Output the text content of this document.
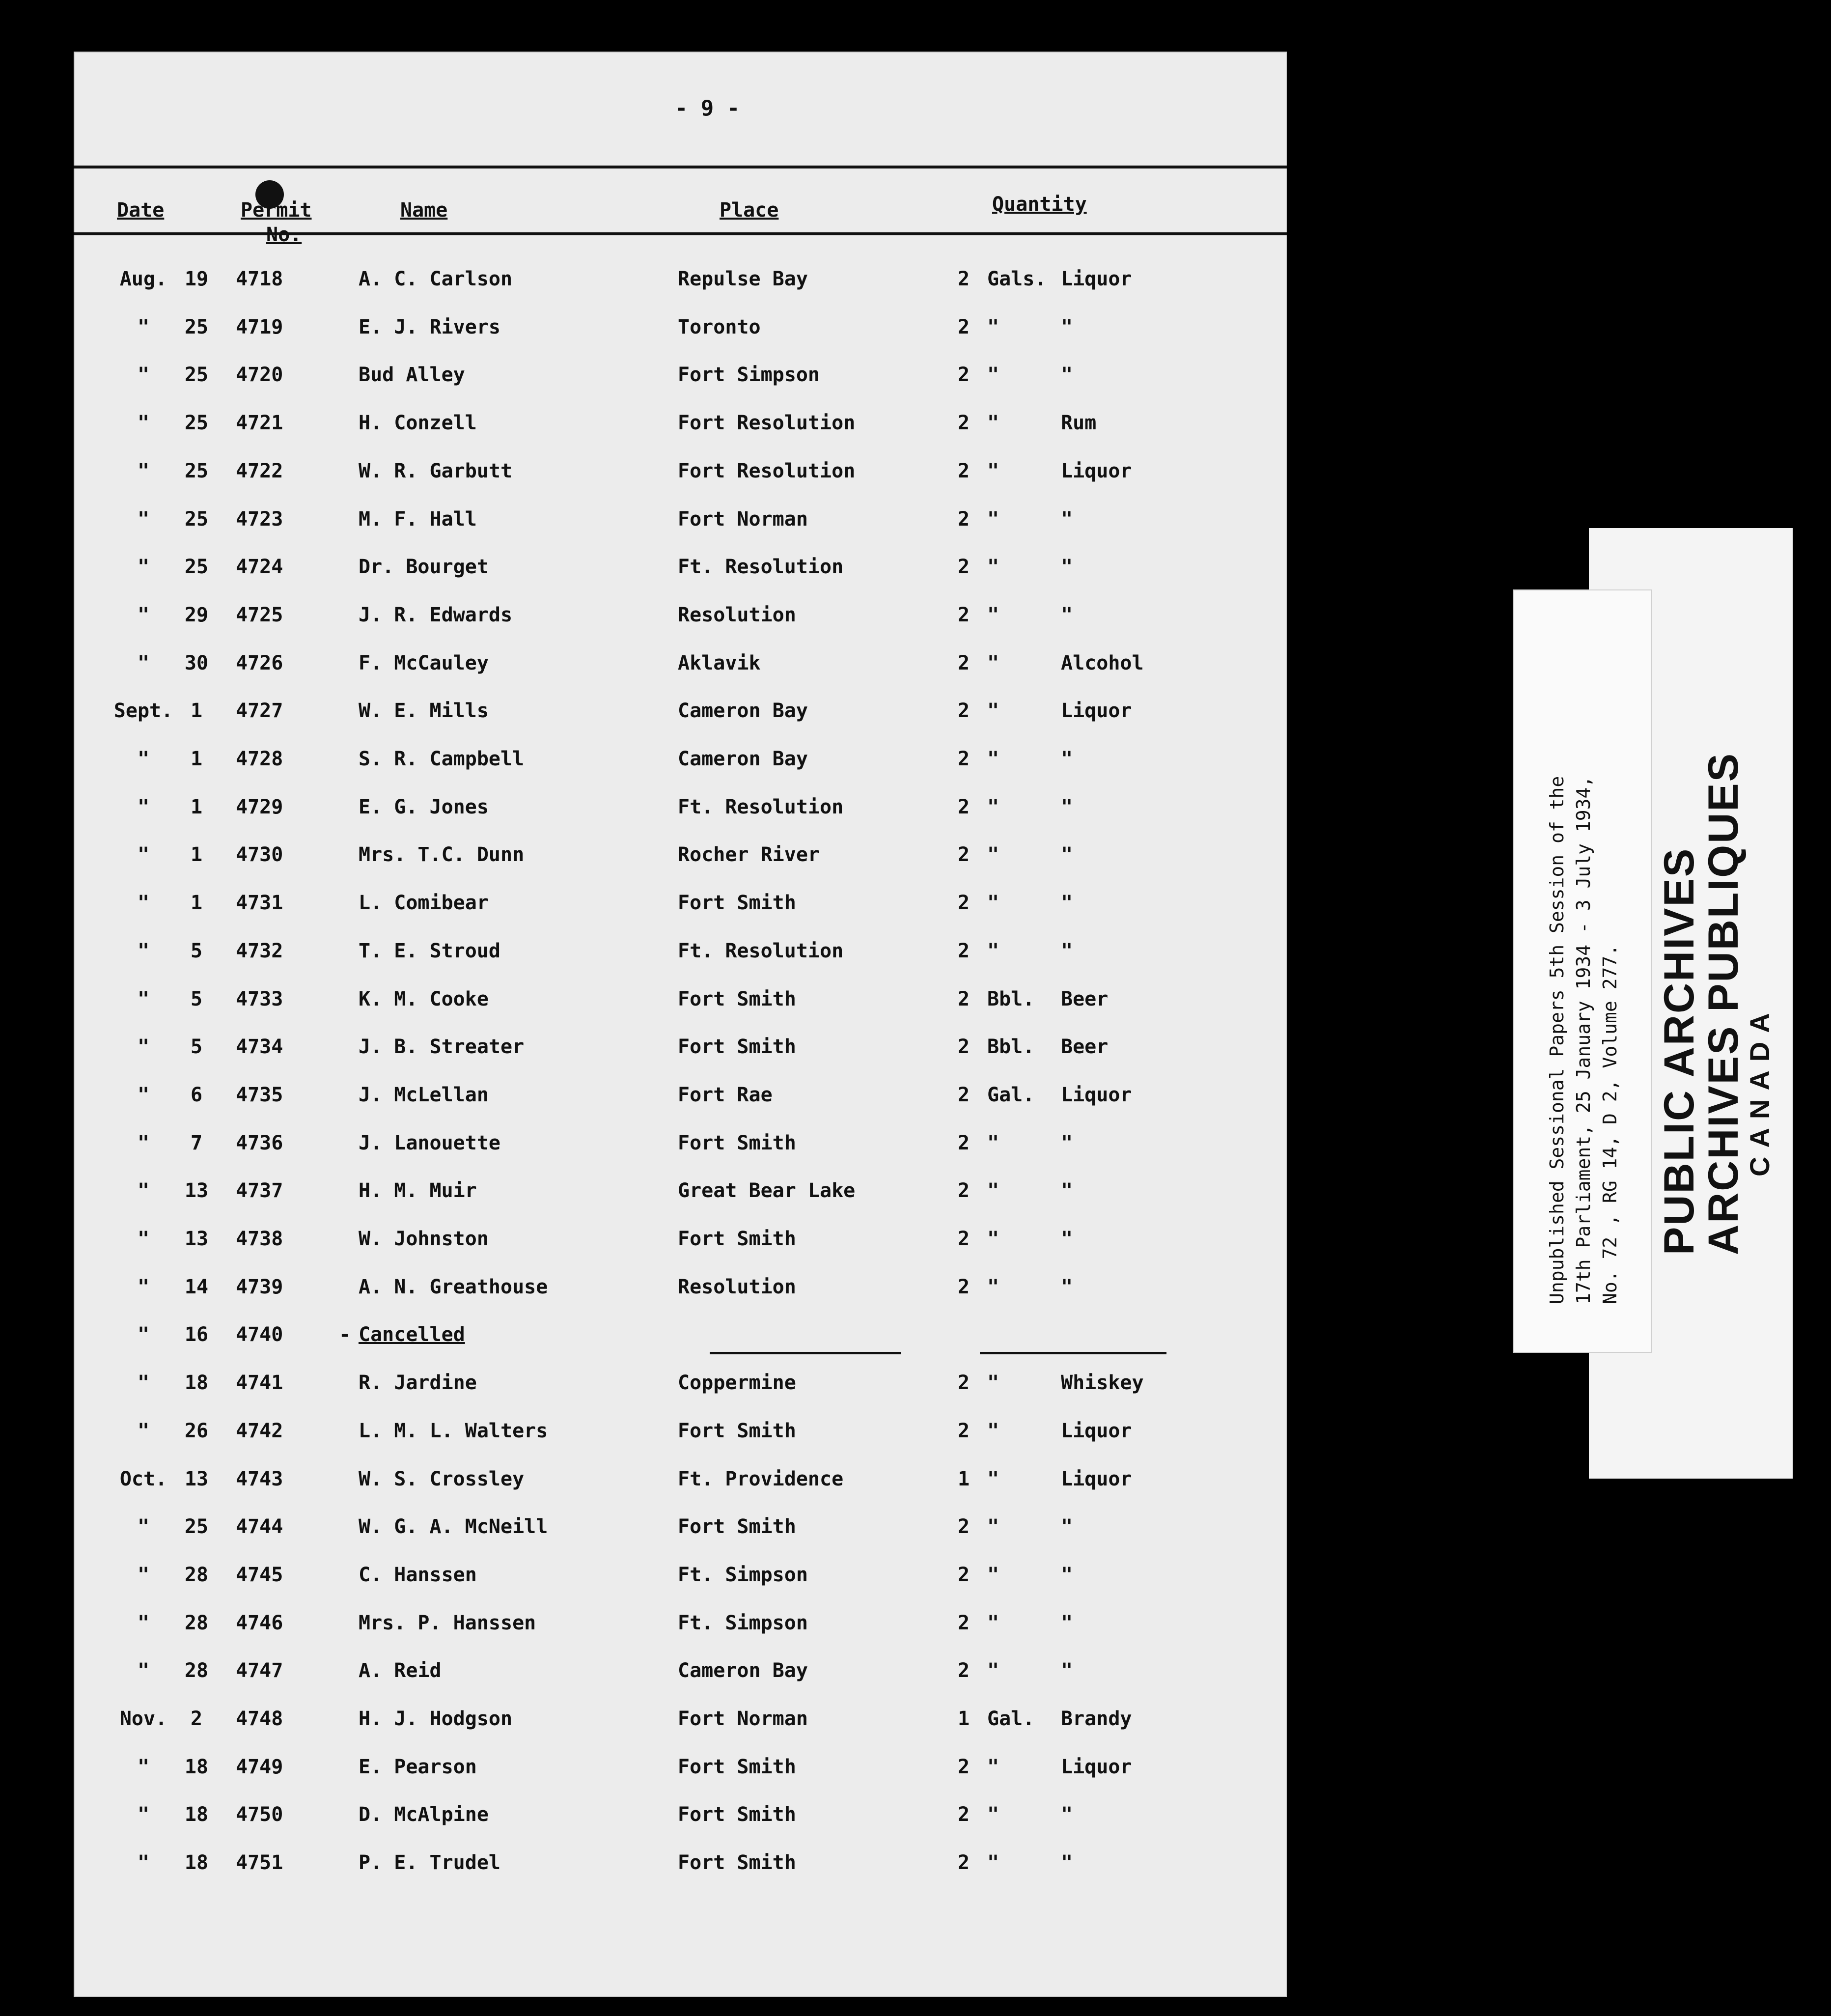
- 9 -
Date	Permit	Name	Place	Quantity
Aug. 19	4718	A. C. Carlson	Repulse Bay	2 Gals. Liquor
"	25	4719	E. J. Rivers	Toronto	2 "	"
"	25	4720	Bud Alley	Fort Simpson	2 "	"
"	25	4721	H. Conzell	Fort Resolution	2 "	Rum
"	25	4722	W. R. Garbutt	Fort Resolution	2 "	Liquor
"	25	4723	M. F. Hall	Fort Norman	2 "	"
"	25	4724	Dr. Bourget	Ft. Resolution	2 "	"
"	29	4725	J. R. Edwards	Resolution	2 "	"
"	30	4726	F. McCauley	Aklavik	2 "	Alcohol
Sept. 1	4727	W. E. Mills	Cameron Bay	2 "	Liquor
"	1	4728	S. R. Campbell	Cameron Bay	2 "	"
"	1	4729	E. G. Jones	Ft. Resolution	2 "	"
"	1	4730	Mrs. T.C. Dunn	Rocher River	2 "	"
"	1	4731	L. Comibear	Fort Smith	2 "	"
"	5	4732	T. E. Stroud	Ft. Resolution	2 "	"
"	5	4733	K. M. Cooke	Fort Smith	2 Bbl. Beer
"	5	4734	J. B. Streater	Fort Smith	2 Bbl. Beer
"	6	4735	J. McLellan	Fort Rae	2 Gal. Liquor
"	7	4736	J. Lanouette	Fort Smith	2 "	"
"	13	4737	H. M. Muir	Great Bear Lake	2 "	"
"	13	4738	W. Johnston	Fort Smith	2 "	"
"	14	4739	A. N. Greathouse	Resolution	2 "	"
"	16	4740	- Cancelled
"	18	4741	R. Jardine	Coppermine	2 "	Whiskey
"	26	4742	L. M. L. Walters	Fort Smith	2 "	Liquor
Oct. 13	4743	W. S. Crossley	Ft. Providence	1 "	Liquor
"	25	4744	W. G. A. McNeill	Fort Smith	2 "	"
"	28	4745	C. Hanssen	Ft. Simpson	2 "	"
"	28	4746	Mrs. P. Hanssen	Ft. Simpson	2 "	"
"	28	4747	A. Reid	Cameron Bay	2 "	"
Nov.	2	4748	H. J. Hodgson	Fort Norman	1 Gal. Brandy
"	18	4749	E. Pearson	Fort Smith	2 "	Liquor
"	18	4750	D. McAlpine	Fort Smith	2 "	"
"	18	4751	P. E. Trudel	Fort Smith	2 "	"
Unpublished Sessional Papers 5th Session of the 17th Parliament, 25 January 1934 - 3 July 1934, No. 72 , RG 14, D 2, Volume 277. PUBLIC ARCHIVES
ARCHIVES PUBLIQUES
CANADA
